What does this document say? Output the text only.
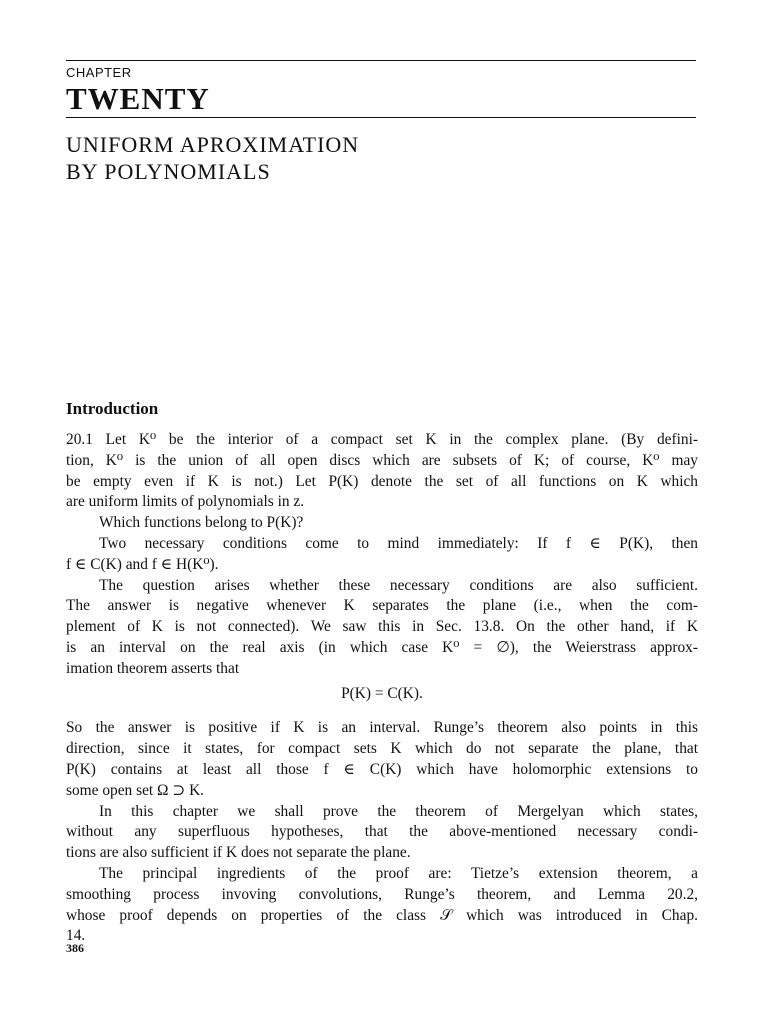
CHAPTER
TWENTY
UNIFORM APROXIMATION
BY POLYNOMIALS
Introduction
20.1 Let K⁰ be the interior of a compact set K in the complex plane. (By defini-
tion, K⁰ is the union of all open discs which are subsets of K; of course, K⁰ may
be empty even if K is not.) Let P(K) denote the set of all functions on K which
are uniform limits of polynomials in z.
Which functions belong to P(K)?
Two necessary conditions come to mind immediately: If f ∈ P(K), then
f ∈ C(K) and f ∈ H(K⁰).
The question arises whether these necessary conditions are also sufficient.
The answer is negative whenever K separates the plane (i.e., when the com-
plement of K is not connected). We saw this in Sec. 13.8. On the other hand, if K
is an interval on the real axis (in which case K⁰ = ∅), the Weierstrass approx-
imation theorem asserts that
P(K) = C(K).
So the answer is positive if K is an interval. Runge’s theorem also points in this
direction, since it states, for compact sets K which do not separate the plane, that
P(K) contains at least all those f ∈ C(K) which have holomorphic extensions to
some open set Ω ⊃ K.
In this chapter we shall prove the theorem of Mergelyan which states,
without any superfluous hypotheses, that the above-mentioned necessary condi-
tions are also sufficient if K does not separate the plane.
The principal ingredients of the proof are: Tietze’s extension theorem, a
smoothing process invoving convolutions, Runge’s theorem, and Lemma 20.2,
whose proof depends on properties of the class 𝒮 which was introduced in Chap.
14.
386
